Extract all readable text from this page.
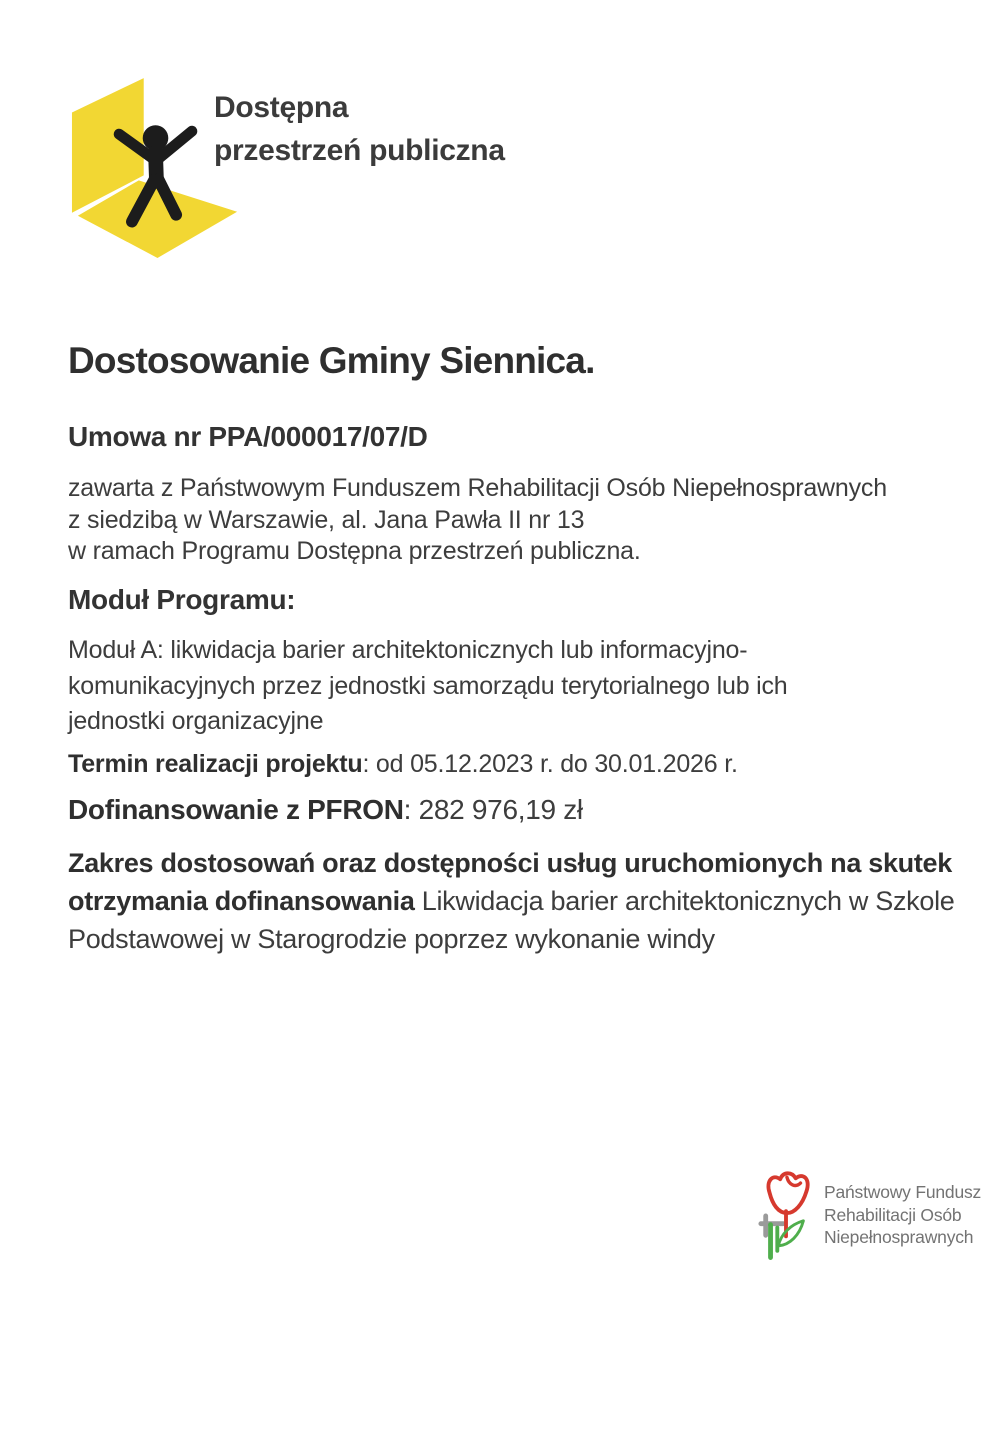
Dostępna
przestrzeń publiczna
Dostosowanie Gminy Siennica.
Umowa nr PPA/000017/07/D

zawarta z Państwowym Funduszem Rehabilitacji Osób Niepełnosprawnych
z siedzibą w Warszawie, al. Jana Pawła II nr 13
w ramach Programu Dostępna przestrzeń publiczna.

Moduł Programu:

Moduł A: likwidacja barier architektonicznych lub informacyjno-komunikacyjnych przez jednostki samorządu terytorialnego lub ich jednostki organizacyjne

Termin realizacji projektu: od 05.12.2023 r. do 30.01.2026 r.

Dofinansowanie z PFRON: 282 976,19 zł

Zakres dostosowań oraz dostępności usług uruchomionych na skutek otrzymania dofinansowania Likwidacja barier architektonicznych w Szkole Podstawowej w Starogrodzie poprzez wykonanie windy

Państwowy Fundusz
Rehabilitacji Osób
Niepełnosprawnych
